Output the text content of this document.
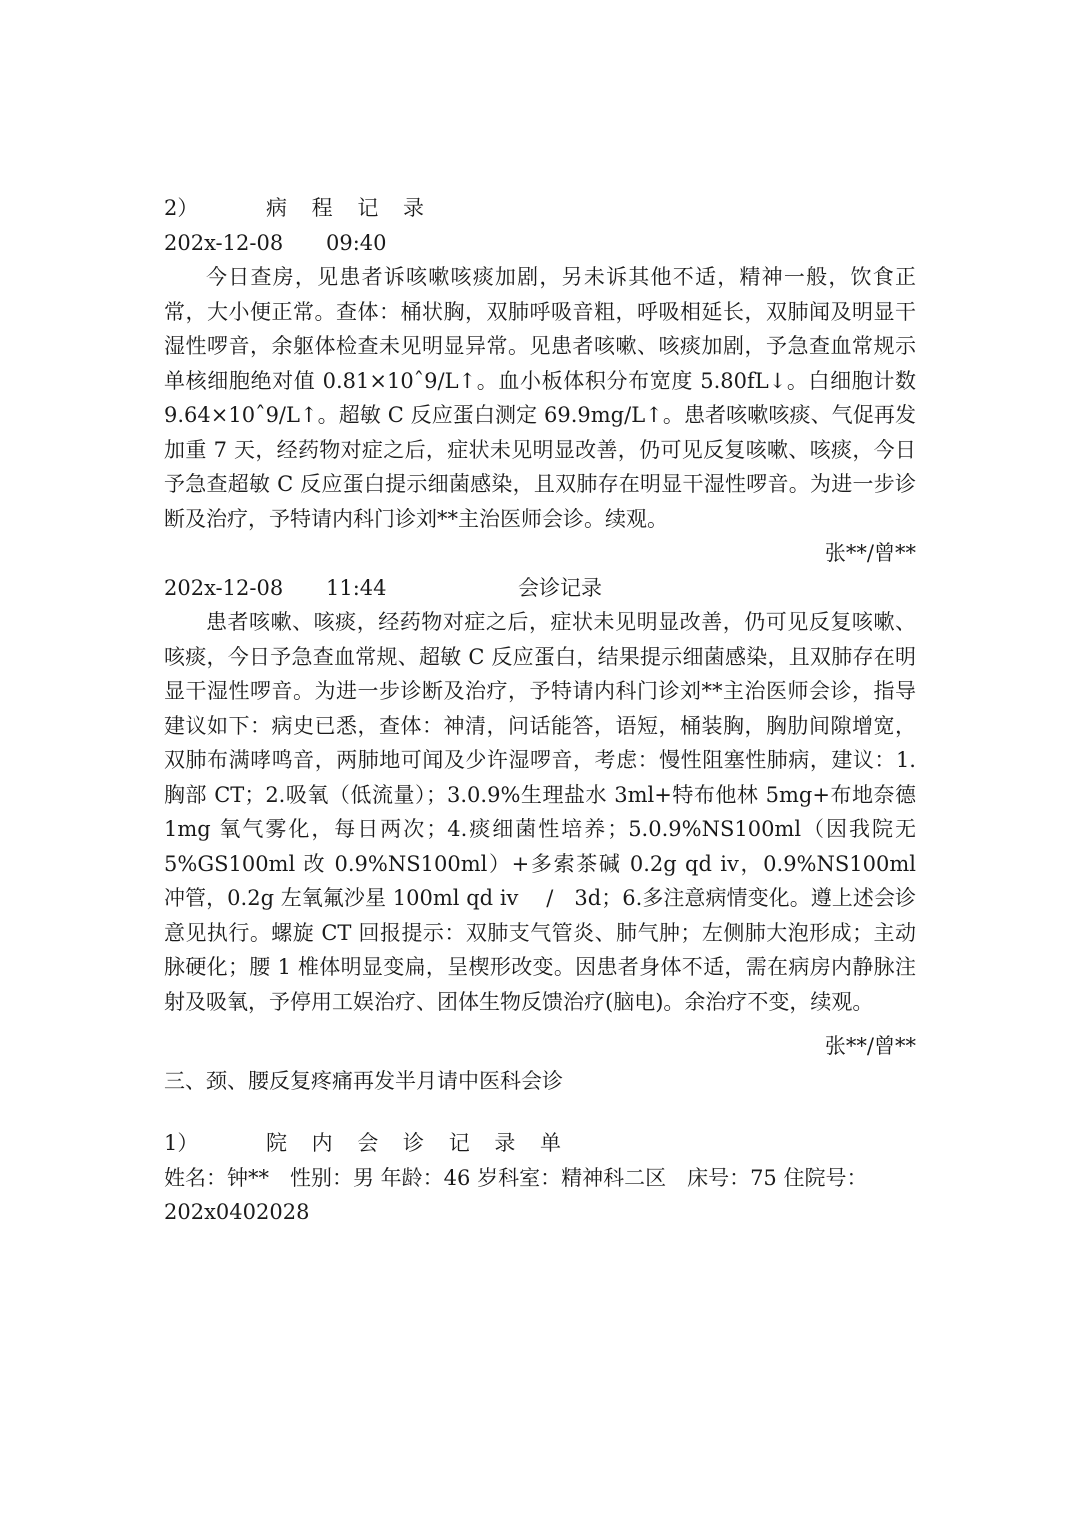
2）	病 程 记 录
202x-12-08	09:40

今日查房，见患者诉咳嗽咳痰加剧，另未诉其他不适，精神一般，饮食正常，大小便正常。查体：桶状胸，双肺呼吸音粗，呼吸相延长，双肺闻及明显干湿性啰音，余躯体检查未见明显异常。见患者咳嗽、咳痰加剧，予急查血常规示单核细胞绝对值 0.81×10ˆ9/L↑。血小板体积分布宽度 5.80fL↓。白细胞计数 9.64×10ˆ9/L↑。超敏 C 反应蛋白测定 69.9mg/L↑。患者咳嗽咳痰、气促再发加重 7 天，经药物对症之后，症状未见明显改善，仍可见反复咳嗽、咳痰，今日予急查超敏 C 反应蛋白提示细菌感染，且双肺存在明显干湿性啰音。为进一步诊断及治疗，予特请内科门诊刘**主治医师会诊。续观。

张**/曾**

202x-12-08	11:44	会诊记录

患者咳嗽、咳痰，经药物对症之后，症状未见明显改善，仍可见反复咳嗽、咳痰，今日予急查血常规、超敏 C 反应蛋白，结果提示细菌感染，且双肺存在明显干湿性啰音。为进一步诊断及治疗，予特请内科门诊刘**主治医师会诊，指导建议如下：病史已悉，查体：神清，问话能答，语短，桶装胸，胸肋间隙增宽，双肺布满哮鸣音，两肺地可闻及少许湿啰音，考虑：慢性阻塞性肺病，建议：1.胸部 CT；2.吸氧（低流量）；3.0.9%生理盐水 3ml+特布他林 5mg+布地奈德 1mg 氧气雾化，每日两次；4.痰细菌性培养；5.0.9%NS100ml（因我院无 5%GS100ml 改 0.9%NS100ml）+多索茶碱 0.2g qd iv，0.9%NS100ml 冲管，0.2g 左氧氟沙星 100ml qd iv　 /　3d；6.多注意病情变化。遵上述会诊意见执行。螺旋 CT 回报提示：双肺支气管炎、肺气肿；左侧肺大泡形成；主动脉硬化；腰 1 椎体明显变扁，呈楔形改变。因患者身体不适，需在病房内静脉注射及吸氧，予停用工娱治疗、团体生物反馈治疗(脑电)。余治疗不变，续观。

张**/曾**

三、颈、腰反复疼痛再发半月请中医科会诊

1）	院 内 会 诊 记 录 单

姓名：钟**　性别：男 年龄：46 岁科室：精神科二区　床号：75 住院号：

202x0402028
